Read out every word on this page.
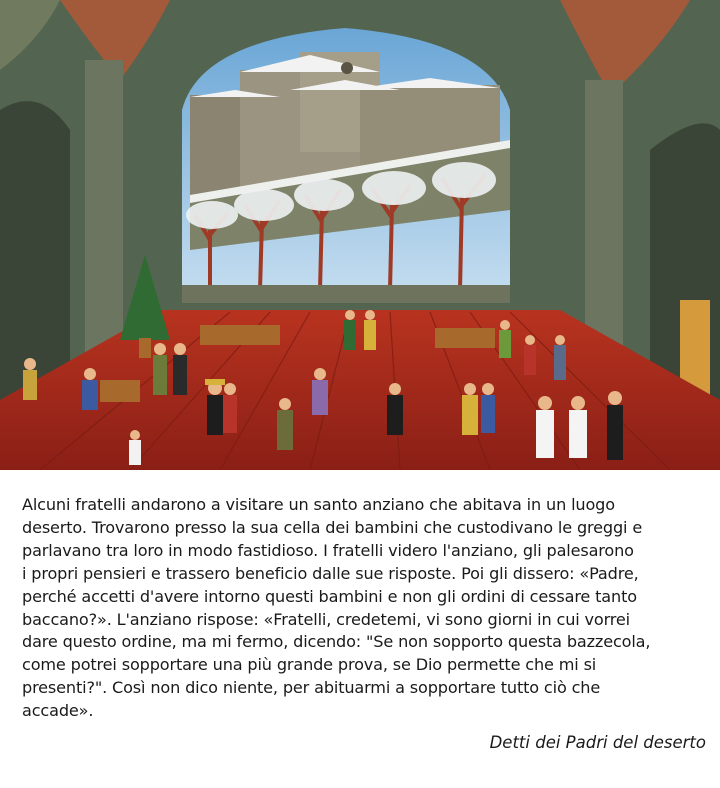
Alcuni fratelli andarono a visitare un santo anziano che abitava in un luogo
deserto. Trovarono presso la sua cella dei bambini che custodivano le greggi e
parlavano tra loro in modo fastidioso. I fratelli videro l'anziano, gli palesarono
i propri pensieri e trassero beneficio dalle sue risposte. Poi gli dissero: «Padre,
perché accetti d'avere intorno questi bambini e non gli ordini di cessare tanto
baccano?». L'anziano rispose: «Fratelli, credetemi, vi sono giorni in cui vorrei
dare questo ordine, ma mi fermo, dicendo: "Se non sopporto questa bazzecola,
come potrei sopportare una più grande prova, se Dio permette che mi si
presenti?". Così non dico niente, per abituarmi a sopportare tutto ciò che
accade».

Detti dei Padri del deserto
